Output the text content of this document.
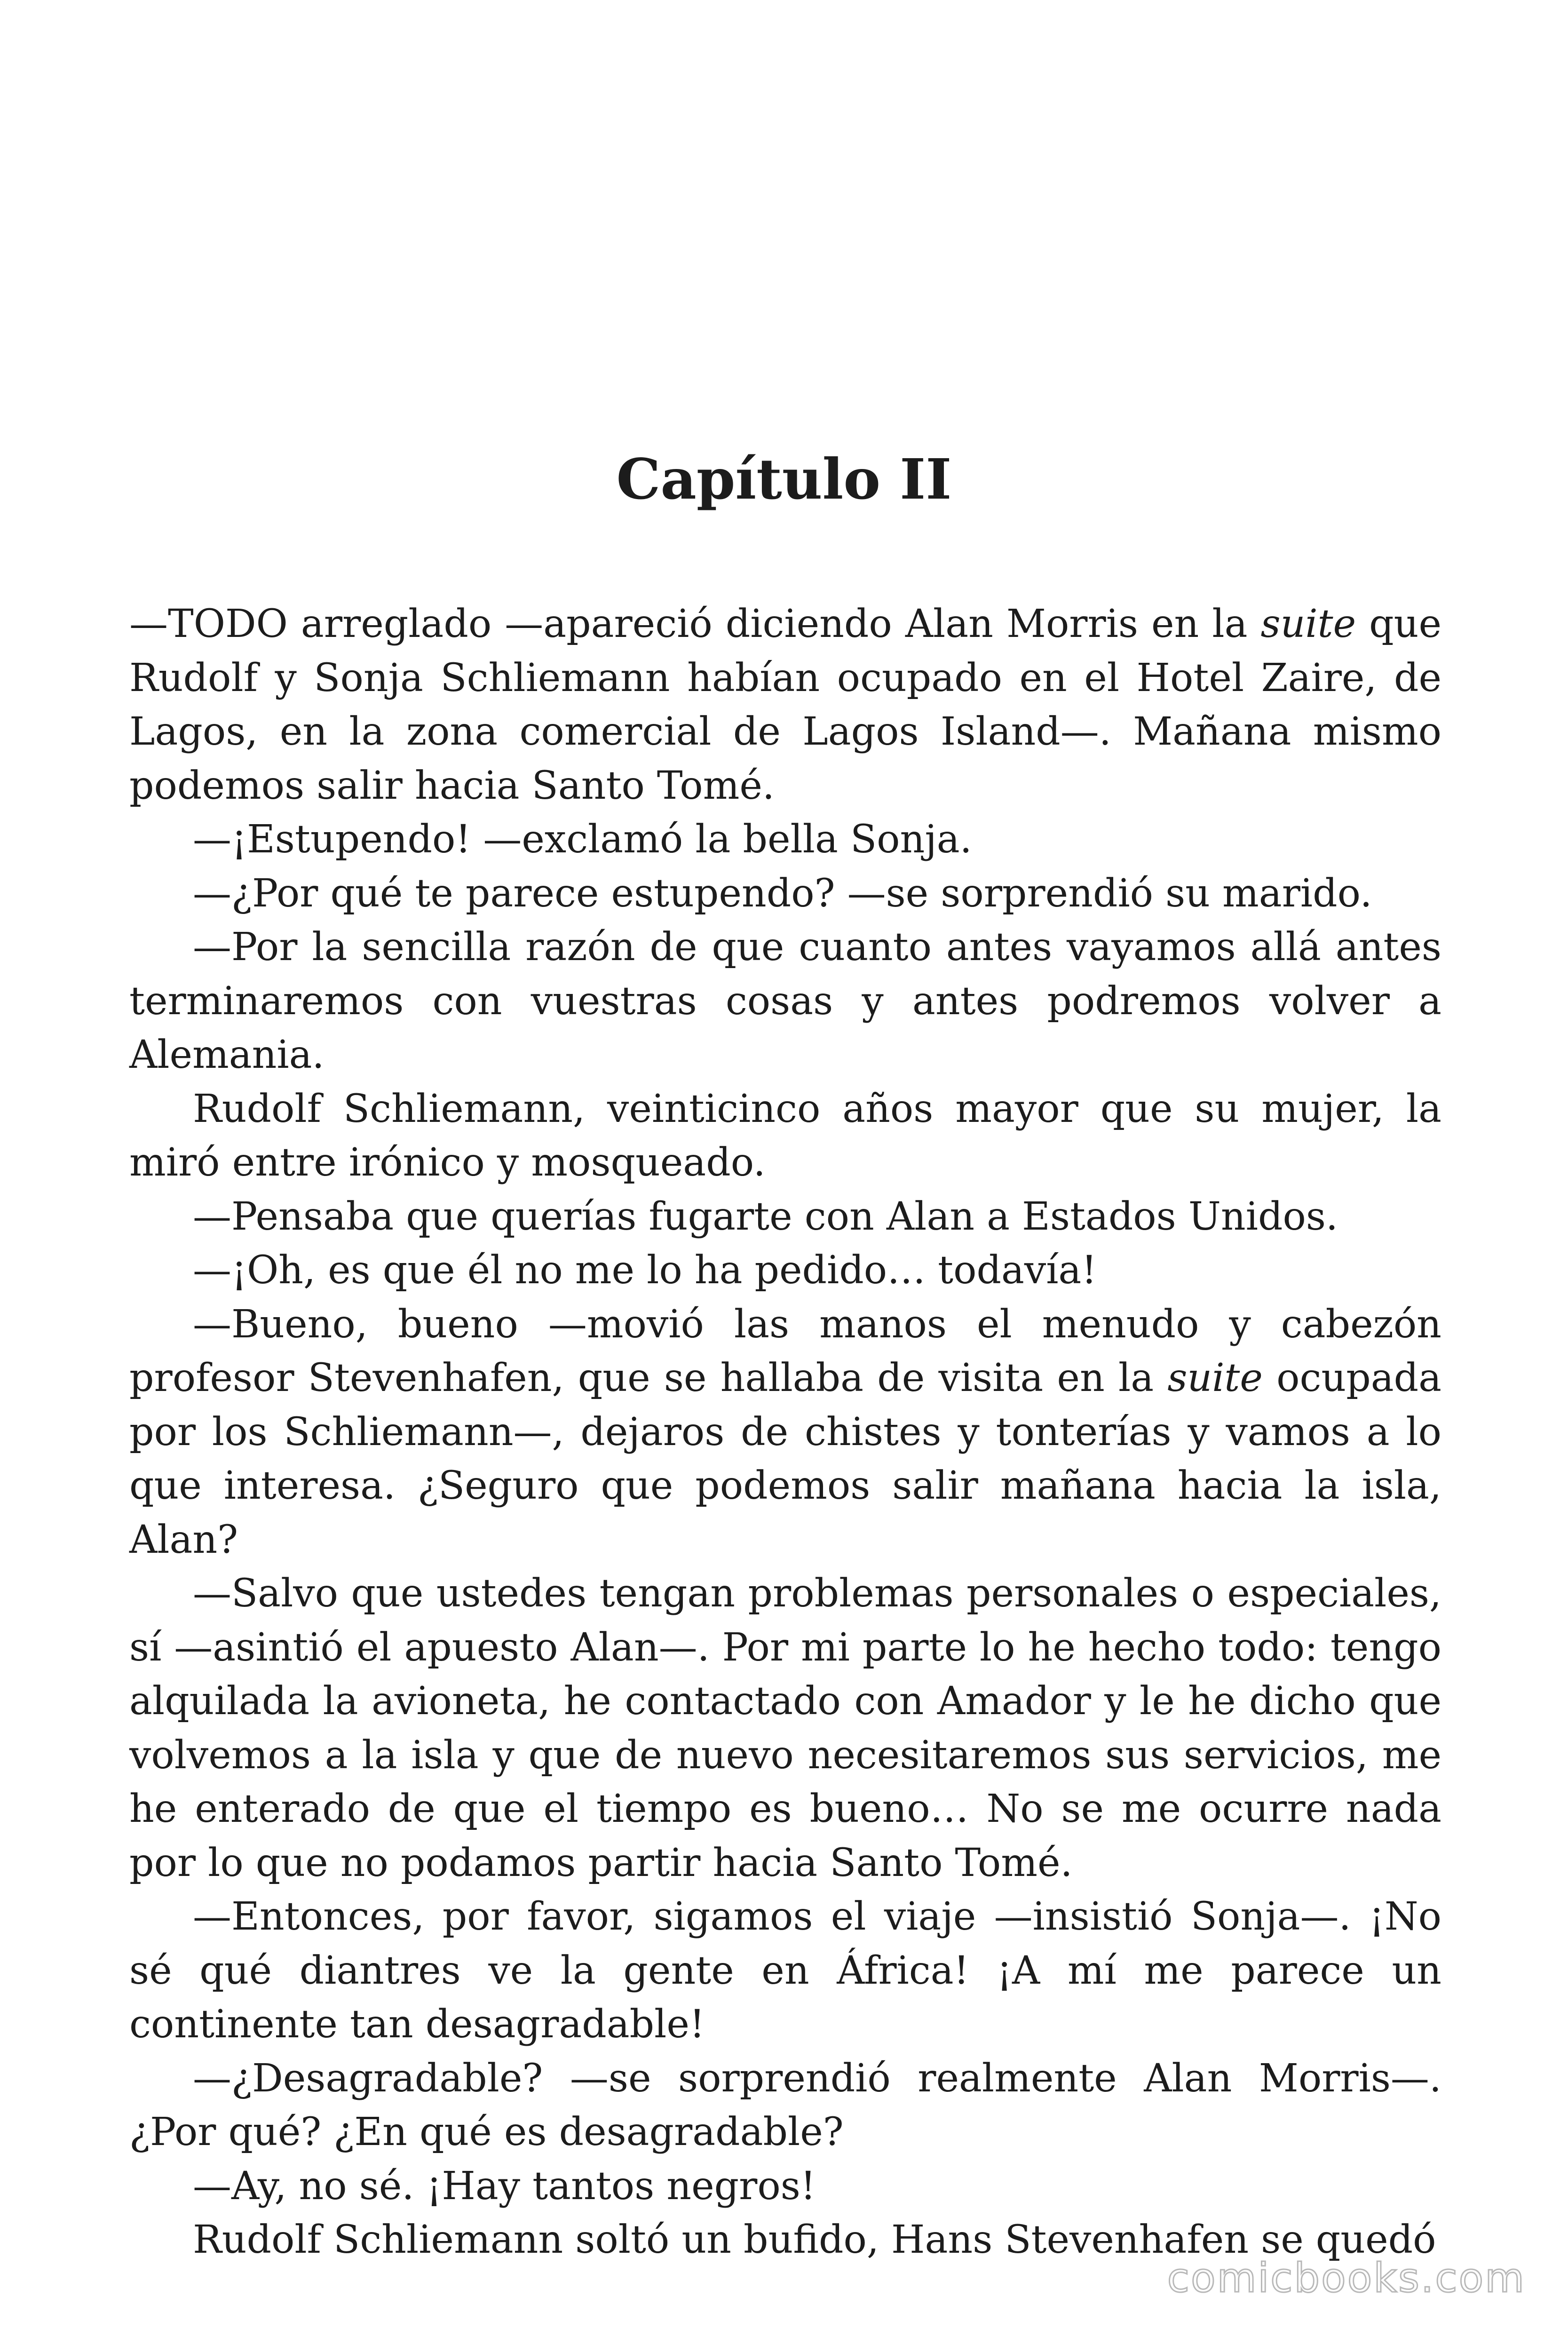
Capítulo II

—TODO arreglado —apareció diciendo Alan Morris en la suite que Rudolf y Sonja Schliemann habían ocupado en el Hotel Zaire, de Lagos, en la zona comercial de Lagos Island—. Mañana mismo podemos salir hacia Santo Tomé.

—¡Estupendo! —exclamó la bella Sonja.

—¿Por qué te parece estupendo? —se sorprendió su marido.

—Por la sencilla razón de que cuanto antes vayamos allá antes terminaremos con vuestras cosas y antes podremos volver a Alemania.

Rudolf Schliemann, veinticinco años mayor que su mujer, la miró entre irónico y mosqueado.

—Pensaba que querías fugarte con Alan a Estados Unidos.

—¡Oh, es que él no me lo ha pedido… todavía!

—Bueno, bueno —movió las manos el menudo y cabezón profesor Stevenhafen, que se hallaba de visita en la suite ocupada por los Schliemann—, dejaros de chistes y tonterías y vamos a lo que interesa. ¿Seguro que podemos salir mañana hacia la isla, Alan?

—Salvo que ustedes tengan problemas personales o especiales, sí —asintió el apuesto Alan—. Por mi parte lo he hecho todo: tengo alquilada la avioneta, he contactado con Amador y le he dicho que volvemos a la isla y que de nuevo necesitaremos sus servicios, me he enterado de que el tiempo es bueno… No se me ocurre nada por lo que no podamos partir hacia Santo Tomé.

—Entonces, por favor, sigamos el viaje —insistió Sonja—. ¡No sé qué diantres ve la gente en África! ¡A mí me parece un continente tan desagradable!

—¿Desagradable? —se sorprendió realmente Alan Morris—. ¿Por qué? ¿En qué es desagradable?

—Ay, no sé. ¡Hay tantos negros!

Rudolf Schliemann soltó un bufido, Hans Stevenhafen se quedó

comicbooks.com
